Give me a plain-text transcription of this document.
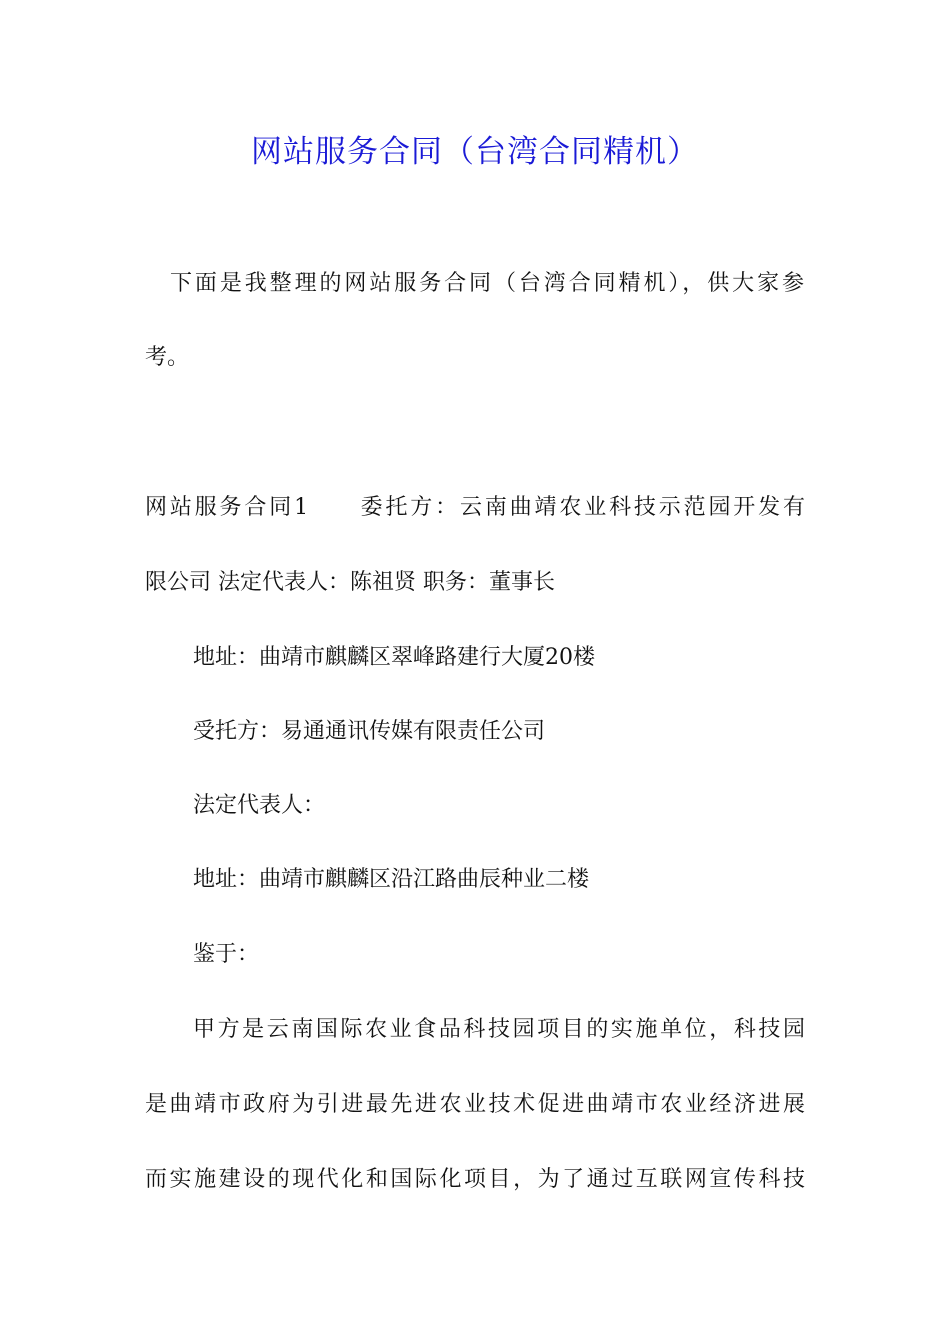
网站服务合同（台湾合同精机）
下面是我整理的网站服务合同（台湾合同精机），供大家参
考。
网站服务合同1　　委托方：云南曲靖农业科技示范园开发有
限公司 法定代表人：陈祖贤 职务：董事长
地址：曲靖市麒麟区翠峰路建行大厦20楼
受托方：易通通讯传媒有限责任公司
法定代表人：
地址：曲靖市麒麟区沿江路曲辰种业二楼
鉴于：
甲方是云南国际农业食品科技园项目的实施单位，科技园
是曲靖市政府为引进最先进农业技术促进曲靖市农业经济进展
而实施建设的现代化和国际化项目，为了通过互联网宣传科技
